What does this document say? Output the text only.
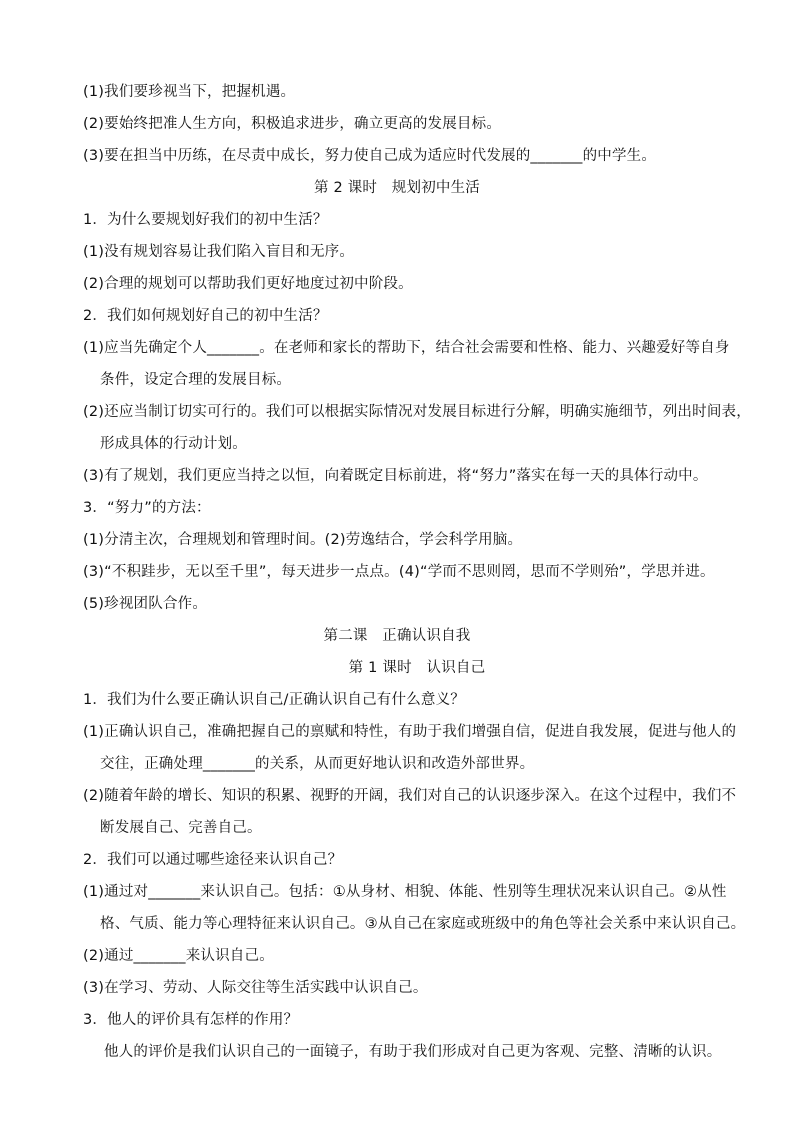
(1)我们要珍视当下，把握机遇。
(2)要始终把准人生方向，积极追求进步，确立更高的发展目标。
(3)要在担当中历练，在尽责中成长，努力使自己成为适应时代发展的_______的中学生。
第 2 课时　规划初中生活
1．为什么要规划好我们的初中生活？
(1)没有规划容易让我们陷入盲目和无序。
(2)合理的规划可以帮助我们更好地度过初中阶段。
2．我们如何规划好自己的初中生活？
(1)应当先确定个人_______。在老师和家长的帮助下，结合社会需要和性格、能力、兴趣爱好等自身
条件，设定合理的发展目标。
(2)还应当制订切实可行的。我们可以根据实际情况对发展目标进行分解，明确实施细节，列出时间表，
形成具体的行动计划。
(3)有了规划，我们更应当持之以恒，向着既定目标前进，将“努力”落实在每一天的具体行动中。
3．“努力”的方法：
(1)分清主次，合理规划和管理时间。(2)劳逸结合，学会科学用脑。
(3)“不积跬步，无以至千里”，每天进步一点点。(4)“学而不思则罔，思而不学则殆”，学思并进。
(5)珍视团队合作。
第二课　正确认识自我
第 1 课时　认识自己
1．我们为什么要正确认识自己/正确认识自己有什么意义？
(1)正确认识自己，准确把握自己的禀赋和特性，有助于我们增强自信，促进自我发展，促进与他人的
交往，正确处理_______的关系，从而更好地认识和改造外部世界。
(2)随着年龄的增长、知识的积累、视野的开阔，我们对自己的认识逐步深入。在这个过程中，我们不
断发展自己、完善自己。
2．我们可以通过哪些途径来认识自己？
(1)通过对_______来认识自己。包括：①从身材、相貌、体能、性别等生理状况来认识自己。②从性
格、气质、能力等心理特征来认识自己。③从自己在家庭或班级中的角色等社会关系中来认识自己。
(2)通过_______来认识自己。
(3)在学习、劳动、人际交往等生活实践中认识自己。
3．他人的评价具有怎样的作用？
他人的评价是我们认识自己的一面镜子，有助于我们形成对自己更为客观、完整、清晰的认识。
